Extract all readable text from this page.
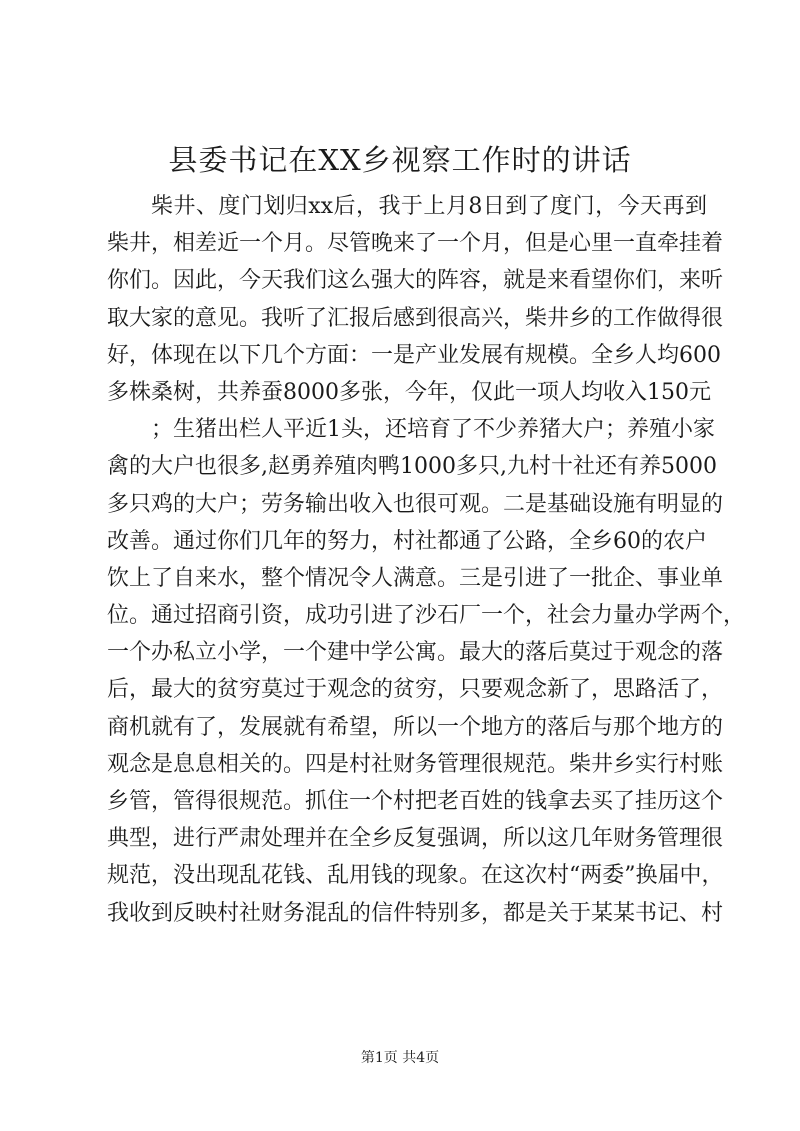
县委书记在XX乡视察工作时的讲话
柴井、度门划归xx后，我于上月8日到了度门，今天再到
柴井，相差近一个月。尽管晚来了一个月，但是心里一直牵挂着
你们。因此，今天我们这么强大的阵容，就是来看望你们，来听
取大家的意见。我听了汇报后感到很高兴，柴井乡的工作做得很
好，体现在以下几个方面：一是产业发展有规模。全乡人均600
多株桑树，共养蚕8000多张，今年，仅此一项人均收入150元
；生猪出栏人平近1头，还培育了不少养猪大户；养殖小家
禽的大户也很多,赵勇养殖肉鸭1000多只,九村十社还有养5000
多只鸡的大户；劳务输出收入也很可观。二是基础设施有明显的
改善。通过你们几年的努力，村社都通了公路，全乡60的农户
饮上了自来水，整个情况令人满意。三是引进了一批企、事业单
位。通过招商引资，成功引进了沙石厂一个，社会力量办学两个，
一个办私立小学，一个建中学公寓。最大的落后莫过于观念的落
后，最大的贫穷莫过于观念的贫穷，只要观念新了，思路活了，
商机就有了，发展就有希望，所以一个地方的落后与那个地方的
观念是息息相关的。四是村社财务管理很规范。柴井乡实行村账
乡管，管得很规范。抓住一个村把老百姓的钱拿去买了挂历这个
典型，进行严肃处理并在全乡反复强调，所以这几年财务管理很
规范，没出现乱花钱、乱用钱的现象。在这次村“两委”换届中，
我收到反映村社财务混乱的信件特别多，都是关于某某书记、村
第1页 共4页
